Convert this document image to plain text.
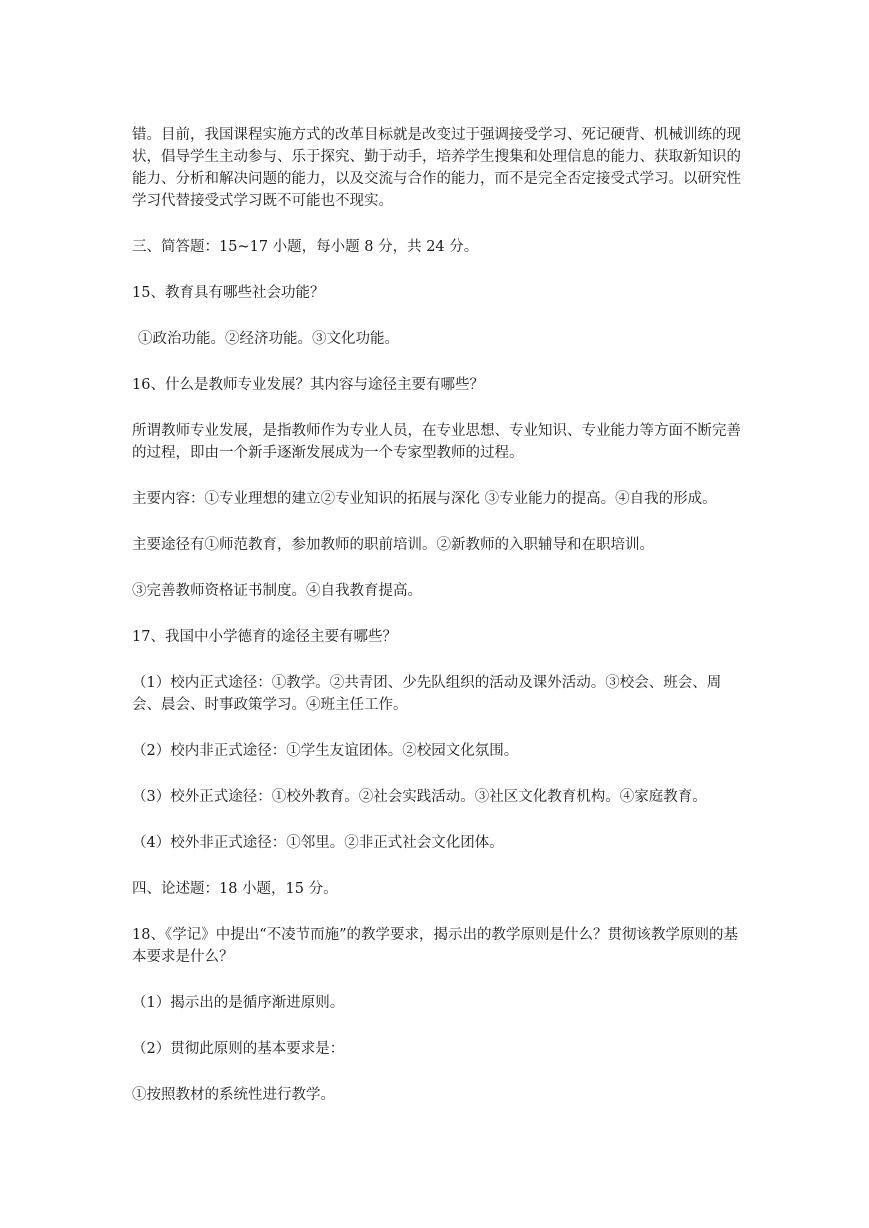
错。目前，我国课程实施方式的改革目标就是改变过于强调接受学习、死记硬背、机械训练的现状，倡导学生主动参与、乐于探究、勤于动手，培养学生搜集和处理信息的能力、获取新知识的能力、分析和解决问题的能力，以及交流与合作的能力，而不是完全否定接受式学习。以研究性学习代替接受式学习既不可能也不现实。

三、简答题：15~17 小题，每小题 8 分，共 24 分。

15、教育具有哪些社会功能？

①政治功能。②经济功能。③文化功能。

16、什么是教师专业发展？其内容与途径主要有哪些？

所谓教师专业发展，是指教师作为专业人员，在专业思想、专业知识、专业能力等方面不断完善的过程，即由一个新手逐渐发展成为一个专家型教师的过程。

主要内容：①专业理想的建立②专业知识的拓展与深化 ③专业能力的提高。④自我的形成。

主要途径有①师范教育，参加教师的职前培训。②新教师的入职辅导和在职培训。

③完善教师资格证书制度。④自我教育提高。

17、我国中小学德育的途径主要有哪些？

（1）校内正式途径：①教学。②共青团、少先队组织的活动及课外活动。③校会、班会、周会、晨会、时事政策学习。④班主任工作。

（2）校内非正式途径：①学生友谊团体。②校园文化氛围。

（3）校外正式途径：①校外教育。②社会实践活动。③社区文化教育机构。④家庭教育。

（4）校外非正式途径：①邻里。②非正式社会文化团体。

四、论述题：18 小题，15 分。

18、《学记》中提出“不凌节而施”的教学要求，揭示出的教学原则是什么？贯彻该教学原则的基本要求是什么？

（1）揭示出的是循序渐进原则。

（2）贯彻此原则的基本要求是：

①按照教材的系统性进行教学。
